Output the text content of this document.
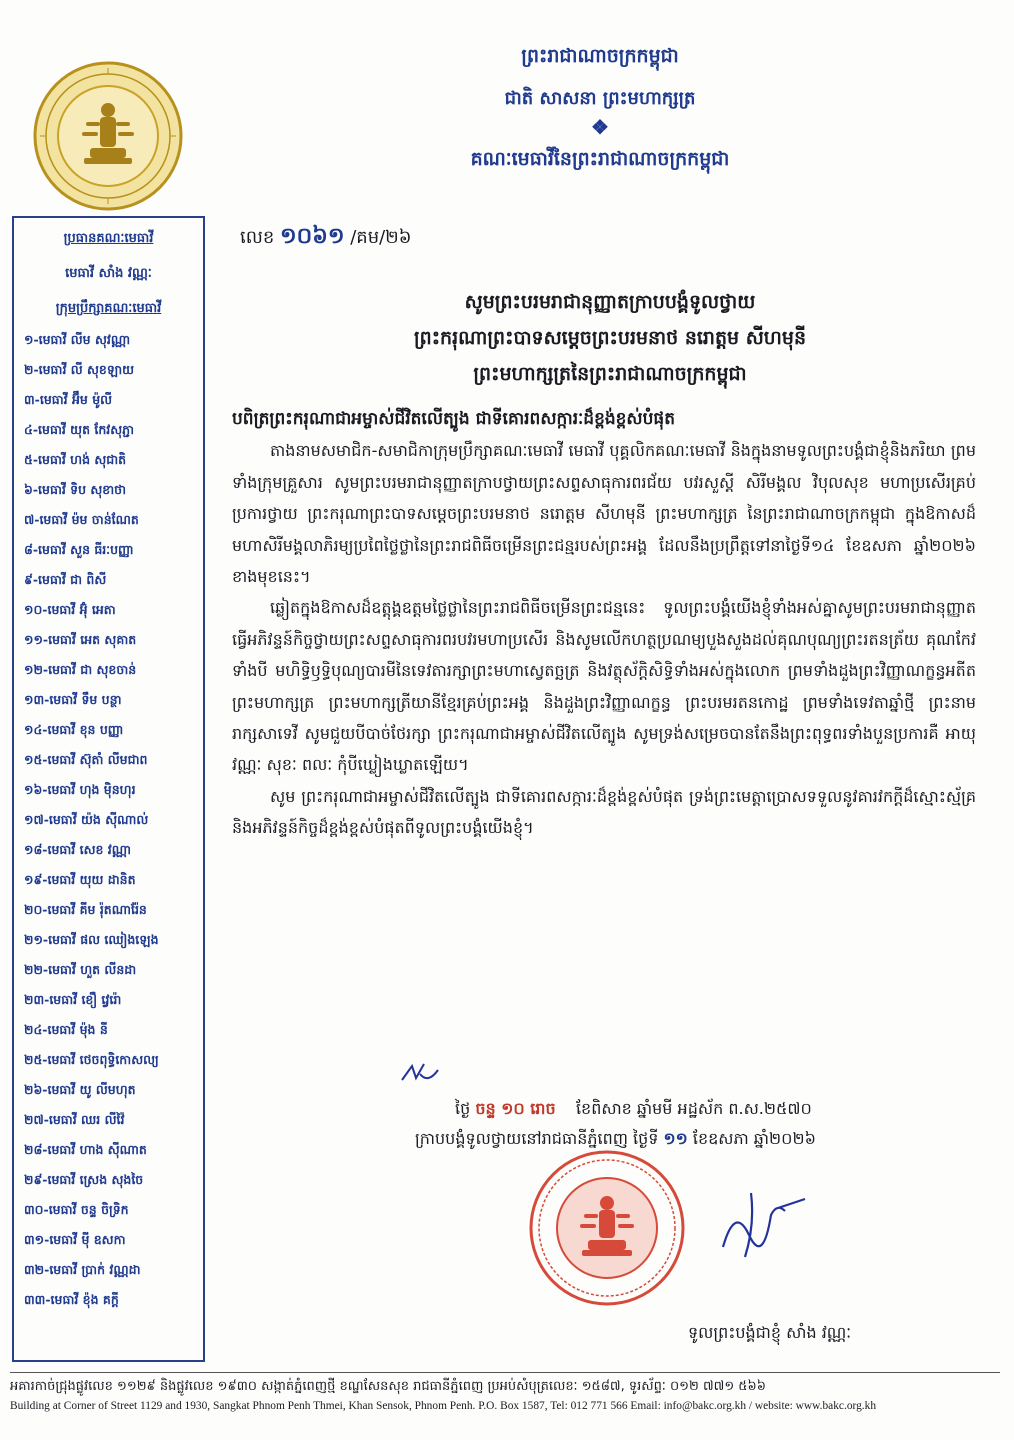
ព្រះរាជាណាចក្រកម្ពុជា
ជាតិ សាសនា ព្រះមហាក្សត្រ
❖
គណៈមេធាវីនៃព្រះរាជាណាចក្រកម្ពុជា
ប្រធានគណៈមេធាវី
មេធាវី សាំង វណ្ណៈ
ក្រុមប្រឹក្សាគណៈមេធាវី
១-មេធាវី លីម សុវណ្ណា
២-មេធាវី លី សុខឡាយ
៣-មេធាវី អ៊ឹម ម៉ូលី
៤-មេធាវី យុត កែវសុភ្ជា
៥-មេធាវី ហង់ សុជាតិ
៦-មេធាវី ទិប សុខាថា
៧-មេធាវី ម៉ម ចាន់ណែត
៨-មេធាវី សួន ធីរៈបញ្ញា
៩-មេធាវី ជា ពិសី
១០-មេធាវី អ៊ុំ អេតា
១១-មេធាវី អេត សុគាត
១២-មេធាវី ជា សុខចាន់
១៣-មេធាវី ទឹម បន្ថា
១៤-មេធាវី ខុន បញ្ញា
១៥-មេធាវី ស៊ុតាំ លីមជាព
១៦-មេធាវី ហុង ម៉ិនហុរ
១៧-មេធាវី យ៉ង ស៊ីណាល់
១៨-មេធាវី សេខ វណ្ណា
១៩-មេធាវី យុយ ដានិត
២០-មេធាវី គីម រ៉ុតណារ៉ែន
២១-មេធាវី ផល ឈៀងឡេង
២២-មេធាវី ហួត លីនដា
២៣-មេធាវី ខឿ វ្វេរ៉ោ
២៤-មេធាវី ម៉ុង នី
២៥-មេធាវី ថេចពុទ្ធិកោសល្យ
២៦-មេធាវី យូ លីមហុត
២៧-មេធាវី ឈរ លីវ៉ៃ
២៨-មេធាវី ហាង ស៊ីណាត
២៩-មេធាវី ស្រេង សុងចៃ
៣០-មេធាវី ចន្ទ ចិទ្រិក
៣១-មេធាវី ម៉ី ឧសកា
៣២-មេធាវី ប្រាក់ វណ្ណដា
៣៣-មេធាវី ខ៉ុង គក្តី
លេខ ១០៦១ /គម/២៦
សូមព្រះបរមរាជានុញ្ញាតក្រាបបង្គំទូលថ្វាយ
ព្រះករុណាព្រះបាទសម្តេចព្រះបរមនាថ នរោត្តម សីហមុនី
ព្រះមហាក្សត្រនៃព្រះរាជាណាចក្រកម្ពុជា
បពិត្រព្រះករុណាជាអម្ចាស់ជីវិតលើត្បូង ជាទីគោរពសក្ការៈដ៏ខ្ពង់ខ្ពស់បំផុត

តាងនាមសមាជិក-សមាជិកាក្រុមប្រឹក្សាគណៈមេធាវី មេធាវី បុគ្គលិកគណៈមេធាវី និងក្នុងនាមទូលព្រះបង្គំជាខ្ញុំនិងភរិយា ព្រមទាំងក្រុមគ្រួសារ សូមព្រះបរមរាជានុញ្ញាតក្រាបថ្វាយព្រះសព្ទសាធុការពរជ័យ បវរសួស្តី សិរីមង្គល វិបុលសុខ មហាប្រសើរគ្រប់ប្រការថ្វាយ ព្រះករុណាព្រះបាទសម្តេចព្រះបរមនាថ នរោត្តម សីហមុនី ព្រះមហាក្សត្រ នៃព្រះរាជាណាចក្រកម្ពុជា ក្នុងឱកាសដ៏មហាសិរីមង្គលាភិរម្យប្រពៃថ្លៃថ្លានៃព្រះរាជពិធីចម្រើនព្រះជន្មរបស់ព្រះអង្គ ដែលនឹងប្រព្រឹត្តទៅនាថ្ងៃទី១៤ ខែឧសភា ឆ្នាំ២០២៦ ខាងមុខនេះ។

ឆ្លៀតក្នុងឱកាសដ៏ឧត្តុង្គឧត្តមថ្លៃថ្លានៃព្រះរាជពិធីចម្រើនព្រះជន្មនេះ ទូលព្រះបង្គំយើងខ្ញុំទាំងអស់គ្នាសូមព្រះបរមរាជានុញ្ញាតធ្វើអភិវន្ទន៍កិច្ចថ្វាយព្រះសព្ទសាធុការពរបវរមហាប្រសើរ និងសូមលើកហត្ថប្រណម្យបួងសួងដល់គុណបុណ្យព្រះរតនត្រ័យ គុណកែវទាំងបី មហិទ្ធិឫទ្ធិបុណ្យបារមីនៃទេវតារក្សាព្រះមហាស្វេតច្ឆត្រ និងវត្ថុស័ក្តិសិទ្ធិទាំងអស់ក្នុងលោក ព្រមទាំងដួងព្រះវិញ្ញាណក្ខន្ធអតីតព្រះមហាក្សត្រ ព្រះមហាក្សត្រីយានីខ្មែរគ្រប់ព្រះអង្គ និងដួងព្រះវិញ្ញាណក្ខន្ធ ព្រះបរមរតនកោដ្ឋ ព្រមទាំងទេវតាឆ្នាំថ្មី ព្រះនាម រាក្សសាទេវី សូមជួយបីបាច់ថែរក្សា ព្រះករុណាជាអម្ចាស់ជីវិតលើត្បូង សូមទ្រង់សម្រេចបានតែនឹងព្រះពុទ្ធពរទាំងបួនប្រការគឺ អាយុ វណ្ណៈ សុខៈ ពលៈ កុំបីឃ្លៀងឃ្លាតឡើយ។

សូម ព្រះករុណាជាអម្ចាស់ជីវិតលើត្បូង ជាទីគោរពសក្ការៈដ៏ខ្ពង់ខ្ពស់បំផុត ទ្រង់ព្រះមេត្តាប្រោសទទួលនូវគារវកក្តីដ៏ស្មោះស្ម័គ្រនិងអភិវន្ទន៍កិច្ចដ៏ខ្ពង់ខ្ពស់បំផុតពីទូលព្រះបង្គំយើងខ្ញុំ។

ថ្ងៃ ចន្ទ ១០ រោច ខែពិសាខ ឆ្នាំមមី អដ្ឋស័ក ព.ស.២៥៧០
ក្រាបបង្គំទូលថ្វាយនៅរាជធានីភ្នំពេញ ថ្ងៃទី ១១ ខែឧសភា ឆ្នាំ២០២៦
ទូលព្រះបង្គំជាខ្ញុំ សាំង វណ្ណៈ
អគារកាច់ជ្រុងផ្លូវលេខ ១១២៩ និងផ្លូវលេខ ១៩៣០ សង្កាត់ភ្នំពេញថ្មី ខណ្ឌសែនសុខ រាជធានីភ្នំពេញ ប្រអប់សំបុត្រលេខៈ ១៥៨៧, ទូរស័ព្ទៈ ០១២ ៧៧១ ៥៦៦
Building at Corner of Street 1129 and 1930, Sangkat Phnom Penh Thmei, Khan Sensok, Phnom Penh. P.O. Box 1587, Tel: 012 771 566 Email: info@bakc.org.kh / website: www.bakc.org.kh
